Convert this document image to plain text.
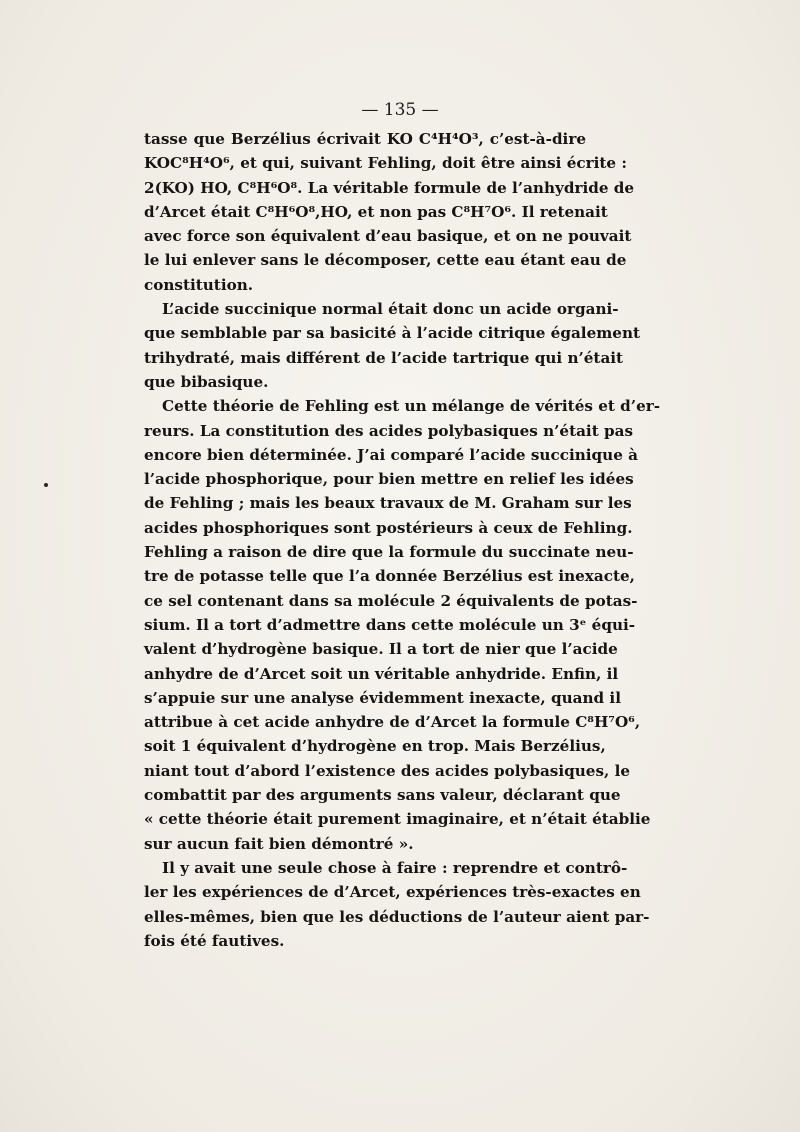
— 135 —
tasse que Berzélius écrivait KO C⁴H⁴O³, c’est-à-dire
KOC⁸H⁴O⁶, et qui, suivant Fehling, doit être ainsi écrite :
2(KO) HO, C⁸H⁶O⁸. La véritable formule de l’anhydride de
d’Arcet était C⁸H⁶O⁸,HO, et non pas C⁸H⁷O⁶. Il retenait
avec force son équivalent d’eau basique, et on ne pouvait
le lui enlever sans le décomposer, cette eau étant eau de
constitution.
L’acide succinique normal était donc un acide organi-
que semblable par sa basicité à l’acide citrique également
trihydraté, mais différent de l’acide tartrique qui n’était
que bibasique.
Cette théorie de Fehling est un mélange de vérités et d’er-
reurs. La constitution des acides polybasiques n’était pas
encore bien déterminée. J’ai comparé l’acide succinique à
l’acide phosphorique, pour bien mettre en relief les idées
de Fehling ; mais les beaux travaux de M. Graham sur les
acides phosphoriques sont postérieurs à ceux de Fehling.
Fehling a raison de dire que la formule du succinate neu-
tre de potasse telle que l’a donnée Berzélius est inexacte,
ce sel contenant dans sa molécule 2 équivalents de potas-
sium. Il a tort d’admettre dans cette molécule un 3ᵉ équi-
valent d’hydrogène basique. Il a tort de nier que l’acide
anhydre de d’Arcet soit un véritable anhydride. Enfin, il
s’appuie sur une analyse évidemment inexacte, quand il
attribue à cet acide anhydre de d’Arcet la formule C⁸H⁷O⁶,
soit 1 équivalent d’hydrogène en trop. Mais Berzélius,
niant tout d’abord l’existence des acides polybasiques, le
combattit par des arguments sans valeur, déclarant que
« cette théorie était purement imaginaire, et n’était établie
sur aucun fait bien démontré ».
Il y avait une seule chose à faire : reprendre et contrô-
ler les expériences de d’Arcet, expériences très-exactes en
elles-mêmes, bien que les déductions de l’auteur aient par-
fois été fautives.
